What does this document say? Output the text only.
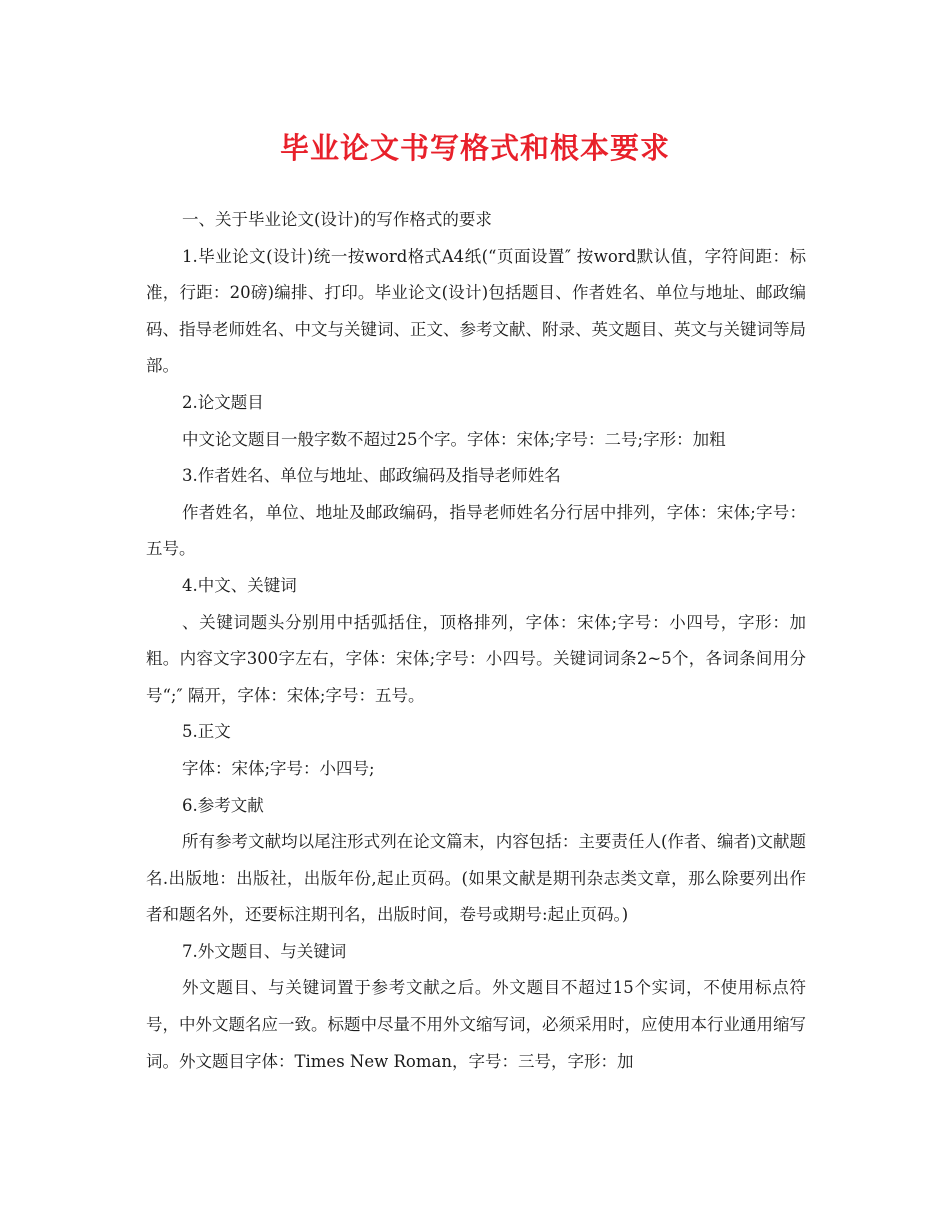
毕业论文书写格式和根本要求

一、关于毕业论文(设计)的写作格式的要求

1.毕业论文(设计)统一按word格式A4纸(“页面设置″ 按word默认值，字符间距：标准，行距：20磅)编排、打印。毕业论文(设计)包括题目、作者姓名、单位与地址、邮政编码、指导老师姓名、中文与关键词、正文、参考文献、附录、英文题目、英文与关键词等局部。

2.论文题目

中文论文题目一般字数不超过25个字。字体：宋体;字号：二号;字形：加粗

3.作者姓名、单位与地址、邮政编码及指导老师姓名

作者姓名，单位、地址及邮政编码，指导老师姓名分行居中排列，字体：宋体;字号：五号。

4.中文、关键词

、关键词题头分别用中括弧括住，顶格排列，字体：宋体;字号：小四号，字形：加粗。内容文字300字左右，字体：宋体;字号：小四号。关键词词条2~5个，各词条间用分号“;″ 隔开，字体：宋体;字号：五号。

5.正文

字体：宋体;字号：小四号;

6.参考文献

所有参考文献均以尾注形式列在论文篇末，内容包括：主要责任人(作者、编者)文献题名.出版地：出版社，出版年份,起止页码。(如果文献是期刊杂志类文章，那么除要列出作者和题名外，还要标注期刊名，出版时间，卷号或期号:起止页码。)

7.外文题目、与关键词

外文题目、与关键词置于参考文献之后。外文题目不超过15个实词，不使用标点符号，中外文题名应一致。标题中尽量不用外文缩写词，必须采用时，应使用本行业通用缩写词。外文题目字体：Times New Roman，字号：三号，字形：加
